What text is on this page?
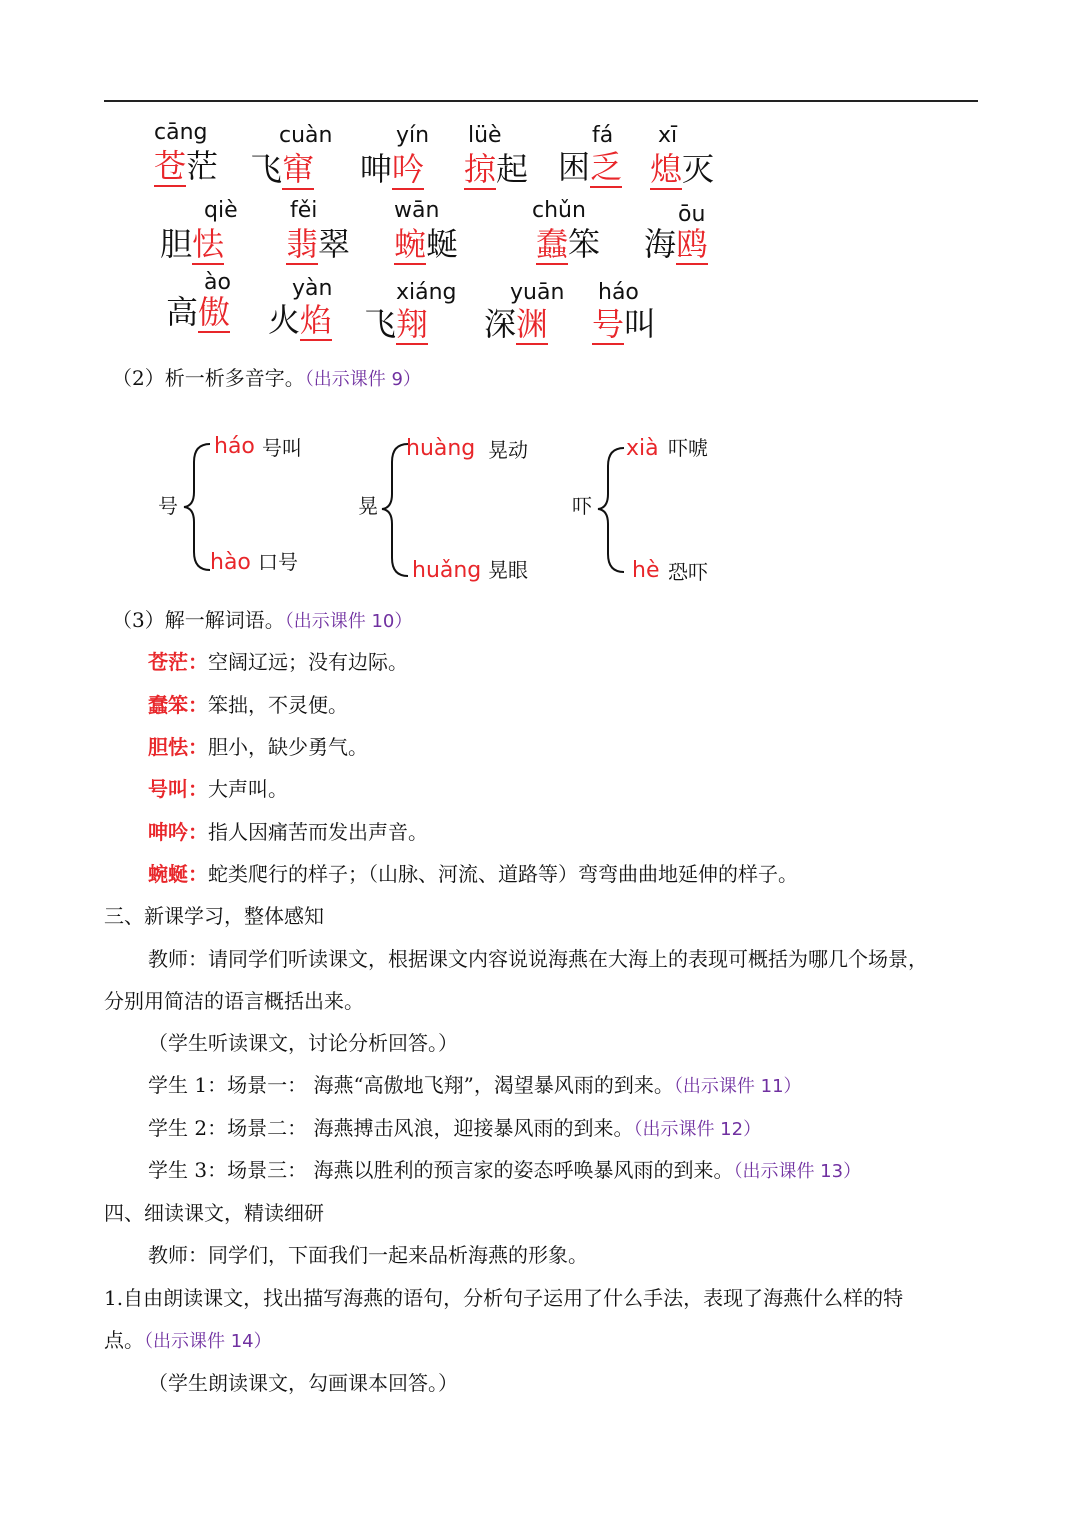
cāng
苍茫
cuàn
飞窜
yín
呻吟
lüè
掠起
fá
困乏
xī
熄灭
qiè
胆怯
fěi
翡翠
wān
蜿蜒
chǔn
蠢笨
ōu
海鸥
ào
高傲
yàn
火焰
xiáng
飞翔
yuān
深渊
háo
号叫
（2）析一析多音字。（出示课件 9）
号
háo 号叫
hào 口号
晃
huàng 晃动
huǎng 晃眼
吓
xià 吓唬
hè 恐吓
（3）解一解词语。（出示课件 10）
苍茫：空阔辽远；没有边际。
蠢笨：笨拙，不灵便。
胆怯：胆小，缺少勇气。
号叫：大声叫。
呻吟：指人因痛苦而发出声音。
蜿蜒：蛇类爬行的样子；（山脉、河流、道路等）弯弯曲曲地延伸的样子。
三、新课学习，整体感知
教师：请同学们听读课文，根据课文内容说说海燕在大海上的表现可概括为哪几个场景，
分别用简洁的语言概括出来。
（学生听读课文，讨论分析回答。）
学生 1：场景一： 海燕“高傲地飞翔”，渴望暴风雨的到来。（出示课件 11）
学生 2：场景二： 海燕搏击风浪，迎接暴风雨的到来。（出示课件 12）
学生 3：场景三： 海燕以胜利的预言家的姿态呼唤暴风雨的到来。（出示课件 13）
四、细读课文，精读细研
教师：同学们，下面我们一起来品析海燕的形象。
1.自由朗读课文，找出描写海燕的语句，分析句子运用了什么手法，表现了海燕什么样的特
点。（出示课件 14）
（学生朗读课文，勾画课本回答。）
